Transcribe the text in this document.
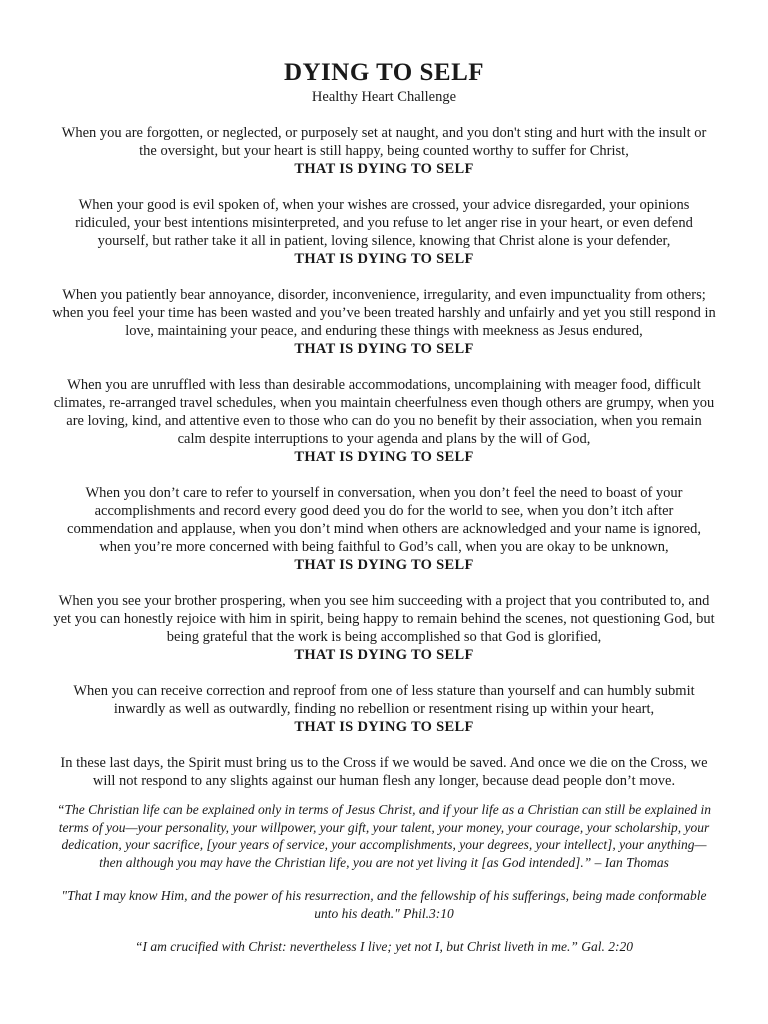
DYING TO SELF
Healthy Heart Challenge

When you are forgotten, or neglected, or purposely set at naught, and you don't sting and hurt with the insult or the oversight, but your heart is still happy, being counted worthy to suffer for Christ,
THAT IS DYING TO SELF

When your good is evil spoken of, when your wishes are crossed, your advice disregarded, your opinions ridiculed, your best intentions misinterpreted, and you refuse to let anger rise in your heart, or even defend yourself, but rather take it all in patient, loving silence, knowing that Christ alone is your defender,
THAT IS DYING TO SELF

When you patiently bear annoyance, disorder, inconvenience, irregularity, and even impunctuality from others; when you feel your time has been wasted and you’ve been treated harshly and unfairly and yet you still respond in love, maintaining your peace, and enduring these things with meekness as Jesus endured,
THAT IS DYING TO SELF

When you are unruffled with less than desirable accommodations, uncomplaining with meager food, difficult climates, re-arranged travel schedules, when you maintain cheerfulness even though others are grumpy, when you are loving, kind, and attentive even to those who can do you no benefit by their association, when you remain calm despite interruptions to your agenda and plans by the will of God,
THAT IS DYING TO SELF

When you don’t care to refer to yourself in conversation, when you don’t feel the need to boast of your accomplishments and record every good deed you do for the world to see, when you don’t itch after commendation and applause, when you don’t mind when others are acknowledged and your name is ignored, when you’re more concerned with being faithful to God’s call, when you are okay to be unknown,
THAT IS DYING TO SELF

When you see your brother prospering, when you see him succeeding with a project that you contributed to, and yet you can honestly rejoice with him in spirit, being happy to remain behind the scenes, not questioning God, but being grateful that the work is being accomplished so that God is glorified,
THAT IS DYING TO SELF

When you can receive correction and reproof from one of less stature than yourself and can humbly submit inwardly as well as outwardly, finding no rebellion or resentment rising up within your heart,
THAT IS DYING TO SELF

In these last days, the Spirit must bring us to the Cross if we would be saved. And once we die on the Cross, we will not respond to any slights against our human flesh any longer, because dead people don’t move.

“The Christian life can be explained only in terms of Jesus Christ, and if your life as a Christian can still be explained in terms of you—your personality, your willpower, your gift, your talent, your money, your courage, your scholarship, your dedication, your sacrifice, [your years of service, your accomplishments, your degrees, your intellect], your anything—then although you may have the Christian life, you are not yet living it [as God intended].” – Ian Thomas

"That I may know Him, and the power of his resurrection, and the fellowship of his sufferings, being made conformable unto his death." Phil.3:10

“I am crucified with Christ: nevertheless I live; yet not I, but Christ liveth in me.” Gal. 2:20
